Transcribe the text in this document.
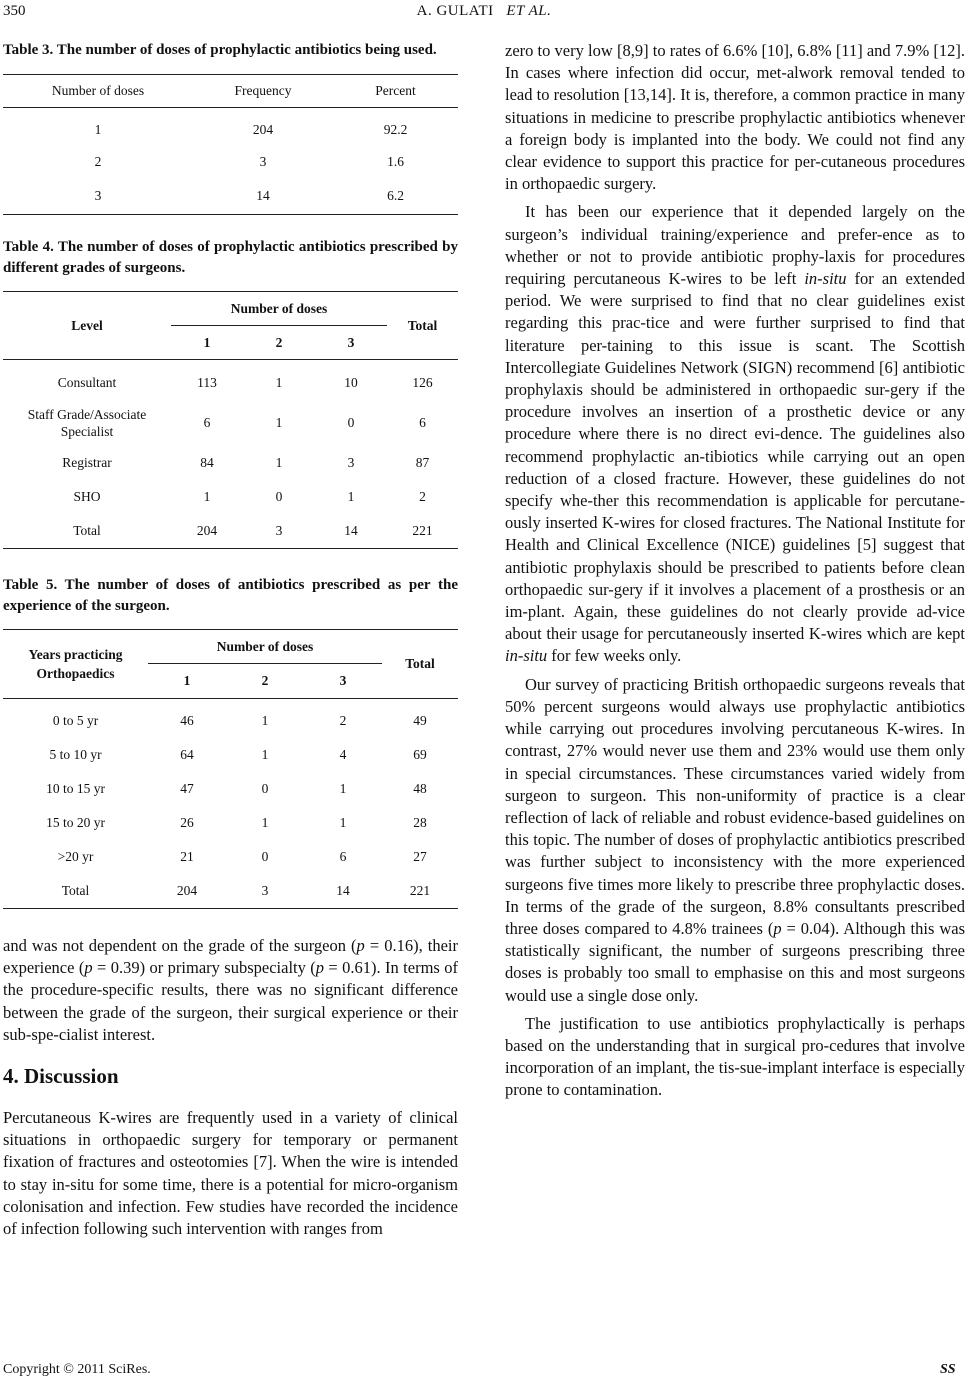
350	A. GULATI ET AL.

Table 3. The number of doses of prophylactic antibiotics being used.

Number of doses	Frequency	Percent
1	204	92.2
2	3	1.6
3	14	6.2

Table 4. The number of doses of prophylactic antibiotics prescribed by different grades of surgeons.

Level	Number of doses			Total
	1	2	3	
Consultant	113	1	10	126
Staff Grade/Associate Specialist	6	1	0	6
Registrar	84	1	3	87
SHO	1	0	1	2
Total	204	3	14	221

Table 5. The number of doses of antibiotics prescribed as per the experience of the surgeon.

Years practicing Orthopaedics	Number of doses			Total
	1	2	3	
0 to 5 yr	46	1	2	49
5 to 10 yr	64	1	4	69
10 to 15 yr	47	0	1	48
15 to 20 yr	26	1	1	28
>20 yr	21	0	6	27
Total	204	3	14	221

and was not dependent on the grade of the surgeon (p = 0.16), their experience (p = 0.39) or primary subspecialty (p = 0.61). In terms of the procedure-specific results, there was no significant difference between the grade of the surgeon, their surgical experience or their sub-spe-cialist interest.

4. Discussion

Percutaneous K-wires are frequently used in a variety of clinical situations in orthopaedic surgery for temporary or permanent fixation of fractures and osteotomies [7]. When the wire is intended to stay in-situ for some time, there is a potential for micro-organism colonisation and infection. Few studies have recorded the incidence of infection following such intervention with ranges from

zero to very low [8,9] to rates of 6.6% [10], 6.8% [11] and 7.9% [12]. In cases where infection did occur, met-alwork removal tended to lead to resolution [13,14]. It is, therefore, a common practice in many situations in medicine to prescribe prophylactic antibiotics whenever a foreign body is implanted into the body. We could not find any clear evidence to support this practice for per-cutaneous procedures in orthopaedic surgery.

It has been our experience that it depended largely on the surgeon’s individual training/experience and prefer-ence as to whether or not to provide antibiotic prophy-laxis for procedures requiring percutaneous K-wires to be left in-situ for an extended period. We were surprised to find that no clear guidelines exist regarding this prac-tice and were further surprised to find that literature per-taining to this issue is scant. The Scottish Intercollegiate Guidelines Network (SIGN) recommend [6] antibiotic prophylaxis should be administered in orthopaedic sur-gery if the procedure involves an insertion of a prosthetic device or any procedure where there is no direct evi-dence. The guidelines also recommend prophylactic an-tibiotics while carrying out an open reduction of a closed fracture. However, these guidelines do not specify whe-ther this recommendation is applicable for percutane-ously inserted K-wires for closed fractures. The National Institute for Health and Clinical Excellence (NICE) guidelines [5] suggest that antibiotic prophylaxis should be prescribed to patients before clean orthopaedic sur-gery if it involves a placement of a prosthesis or an im-plant. Again, these guidelines do not clearly provide ad-vice about their usage for percutaneously inserted K-wires which are kept in-situ for few weeks only.

Our survey of practicing British orthopaedic surgeons reveals that 50% percent surgeons would always use prophylactic antibiotics while carrying out procedures involving percutaneous K-wires. In contrast, 27% would never use them and 23% would use them only in special circumstances. These circumstances varied widely from surgeon to surgeon. This non-uniformity of practice is a clear reflection of lack of reliable and robust evidence-based guidelines on this topic. The number of doses of prophylactic antibiotics prescribed was further subject to inconsistency with the more experienced surgeons five times more likely to prescribe three prophylactic doses. In terms of the grade of the surgeon, 8.8% consultants prescribed three doses compared to 4.8% trainees (p = 0.04). Although this was statistically significant, the number of surgeons prescribing three doses is probably too small to emphasise on this and most surgeons would use a single dose only.

The justification to use antibiotics prophylactically is perhaps based on the understanding that in surgical pro-cedures that involve incorporation of an implant, the tis-sue-implant interface is especially prone to contamination.

Copyright © 2011 SciRes.	SS
